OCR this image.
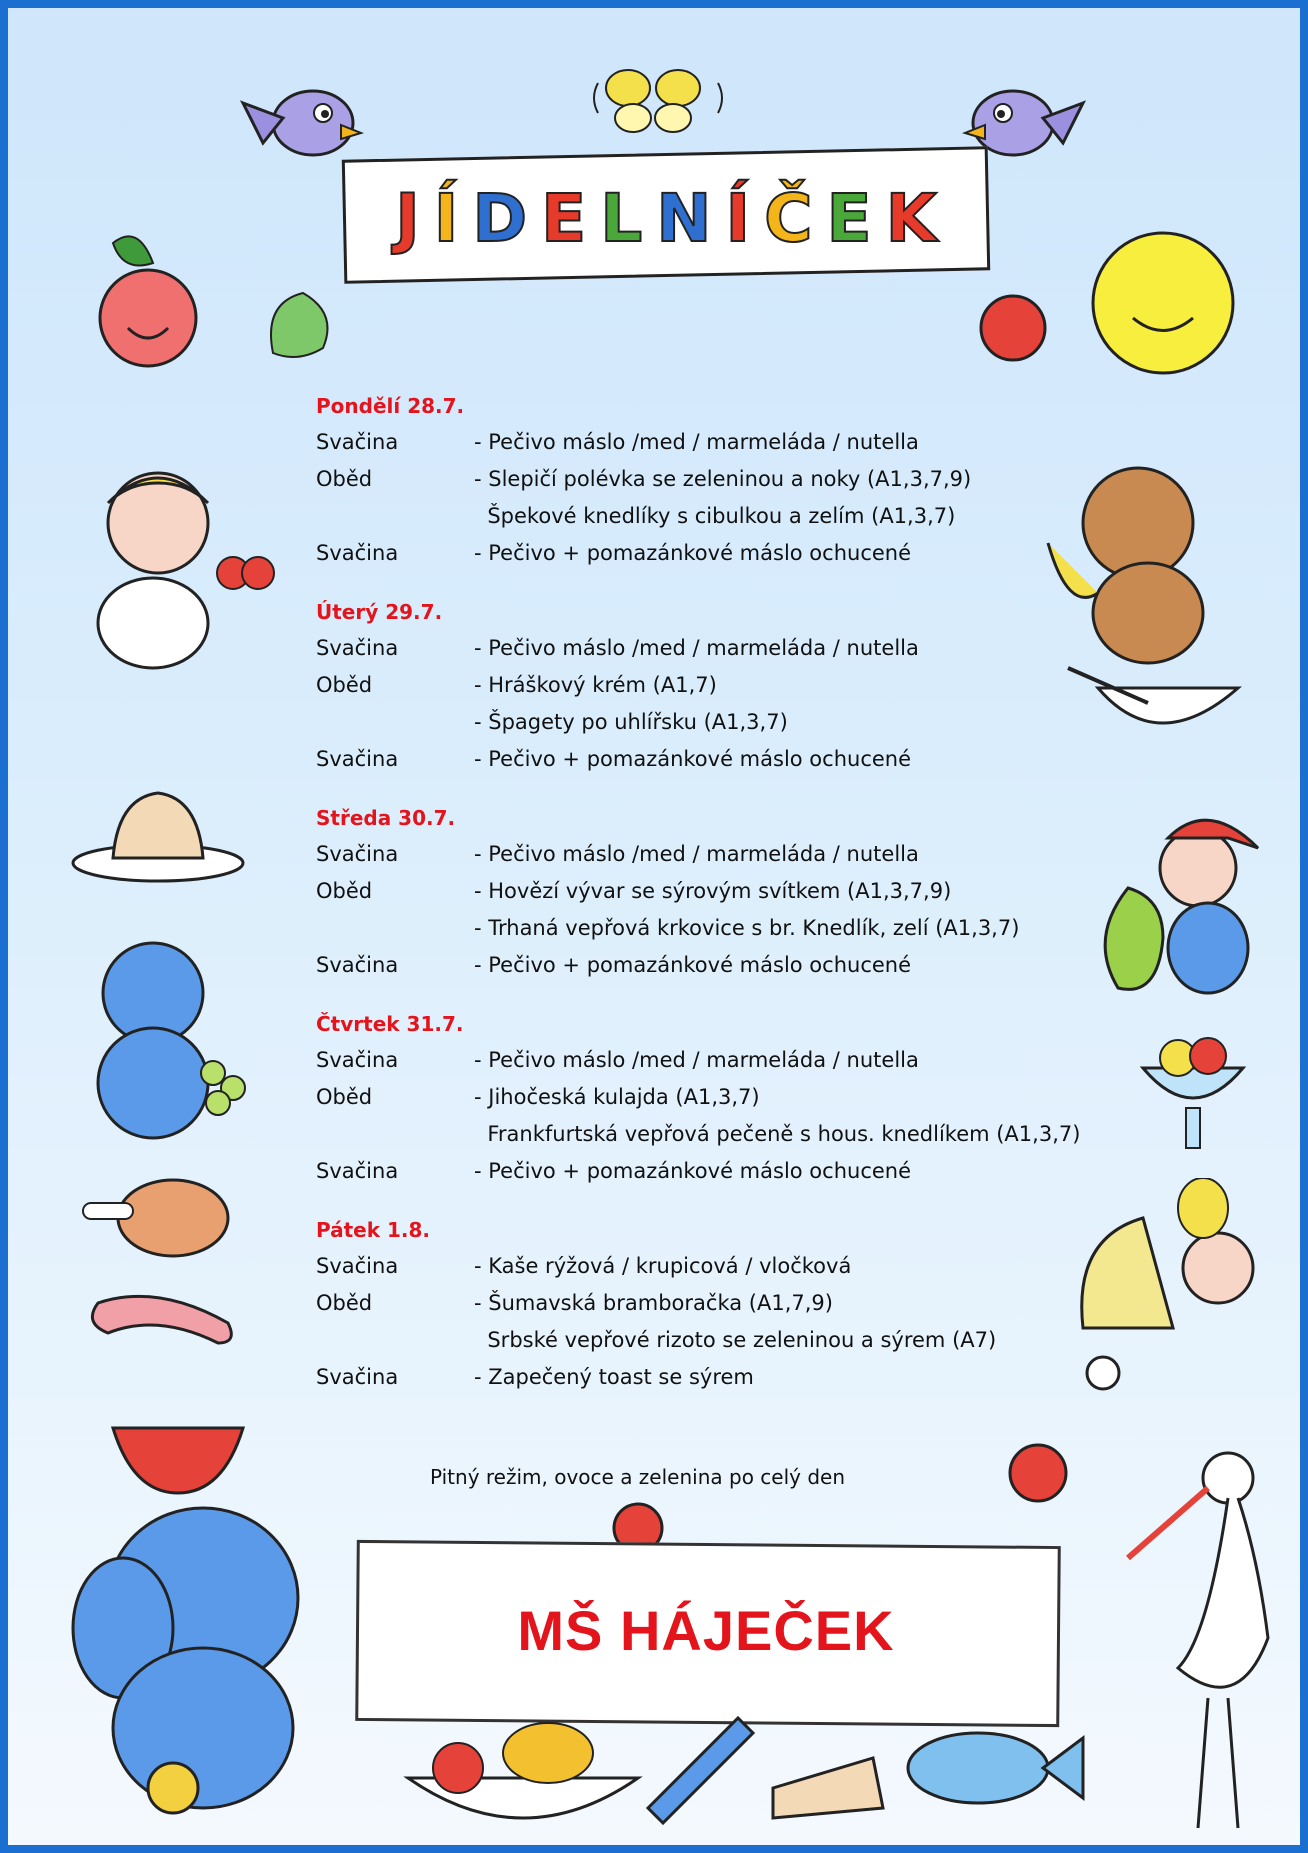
J Í D E L N Í Č E K
Pondělí 28.7.
Svačina	- Pečivo máslo /med / marmeláda / nutella
Oběd	- Slepičí polévka se zeleninou a noky (A1,3,7,9)
Špekové knedlíky s cibulkou a zelím (A1,3,7)
Svačina	- Pečivo + pomazánkové máslo ochucené
Úterý 29.7.
Svačina	- Pečivo máslo /med / marmeláda / nutella
Oběd	- Hráškový krém (A1,7)
- Špagety po uhlířsku (A1,3,7)
Svačina	- Pečivo + pomazánkové máslo ochucené
Středa 30.7.
Svačina	- Pečivo máslo /med / marmeláda / nutella
Oběd	- Hovězí vývar se sýrovým svítkem (A1,3,7,9)
- Trhaná vepřová krkovice s br. Knedlík, zelí (A1,3,7)
Svačina	- Pečivo + pomazánkové máslo ochucené
Čtvrtek 31.7.
Svačina	- Pečivo máslo /med / marmeláda / nutella
Oběd	- Jihočeská kulajda (A1,3,7)
Frankfurtská vepřová pečeně s hous. knedlíkem (A1,3,7)
Svačina	- Pečivo + pomazánkové máslo ochucené
Pátek 1.8.
Svačina	- Kaše rýžová / krupicová / vločková
Oběd	- Šumavská bramboračka (A1,7,9)
Srbské vepřové rizoto se zeleninou a sýrem (A7)
Svačina	- Zapečený toast se sýrem
Pitný režim, ovoce a zelenina po celý den
MŠ HÁJEČEK
